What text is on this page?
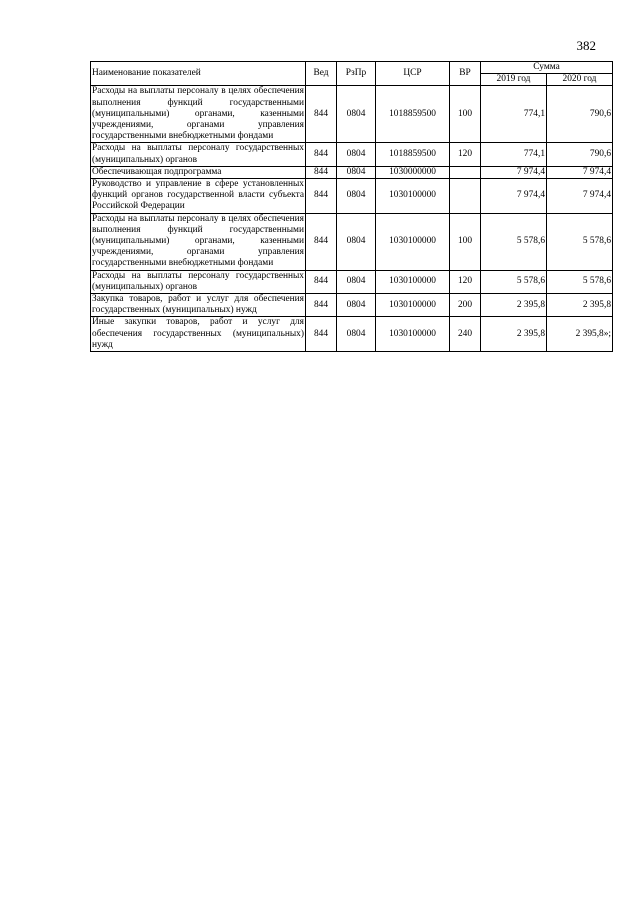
382
Наименование показателей	Вед	РзПр	ЦСР	ВР	Сумма	
					2019 год	2020 год
Расходы на выплаты персоналу в целях обеспечения выполнения функций государственными (муниципальными) органами, казенными учреждениями, органами управления государственными внебюджетными фондами	844	0804	1018859500	100	774,1	790,6
Расходы на выплаты персоналу государственных (муниципальных) органов	844	0804	1018859500	120	774,1	790,6
Обеспечивающая подпрограмма	844	0804	1030000000		7 974,4	7 974,4
Руководство и управление в сфере установленных функций органов государственной власти субъекта Российской Федерации	844	0804	1030100000		7 974,4	7 974,4
Расходы на выплаты персоналу в целях обеспечения выполнения функций государственными (муниципальными) органами, казенными учреждениями, органами управления государственными внебюджетными фондами	844	0804	1030100000	100	5 578,6	5 578,6
Расходы на выплаты персоналу государственных (муниципальных) органов	844	0804	1030100000	120	5 578,6	5 578,6
Закупка товаров, работ и услуг для обеспечения государственных (муниципальных) нужд	844	0804	1030100000	200	2 395,8	2 395,8
Иные закупки товаров, работ и услуг для обеспечения государственных (муниципальных) нужд	844	0804	1030100000	240	2 395,8	2 395,8»;
